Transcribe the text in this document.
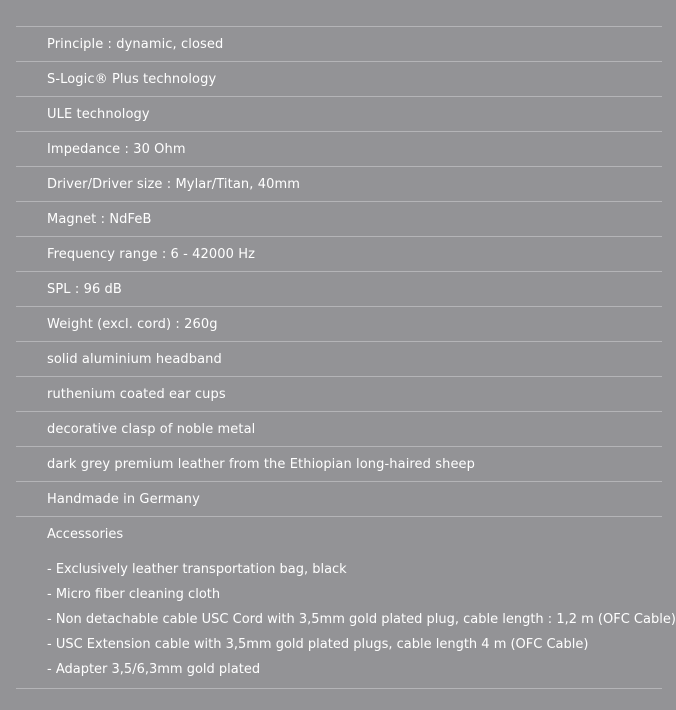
Principle : dynamic, closed
S-Logic® Plus technology
ULE technology
Impedance : 30 Ohm
Driver/Driver size : Mylar/Titan, 40mm
Magnet : NdFeB
Frequency range : 6 - 42000 Hz
SPL : 96 dB
Weight (excl. cord) : 260g
solid aluminium headband
ruthenium coated ear cups
decorative clasp of noble metal
dark grey premium leather from the Ethiopian long-haired sheep
Handmade in Germany
Accessories
- Exclusively leather transportation bag, black
- Micro fiber cleaning cloth
- Non detachable cable USC Cord with 3,5mm gold plated plug, cable length : 1,2 m (OFC Cable)
- USC Extension cable with 3,5mm gold plated plugs, cable length 4 m (OFC Cable)
- Adapter 3,5/6,3mm gold plated
